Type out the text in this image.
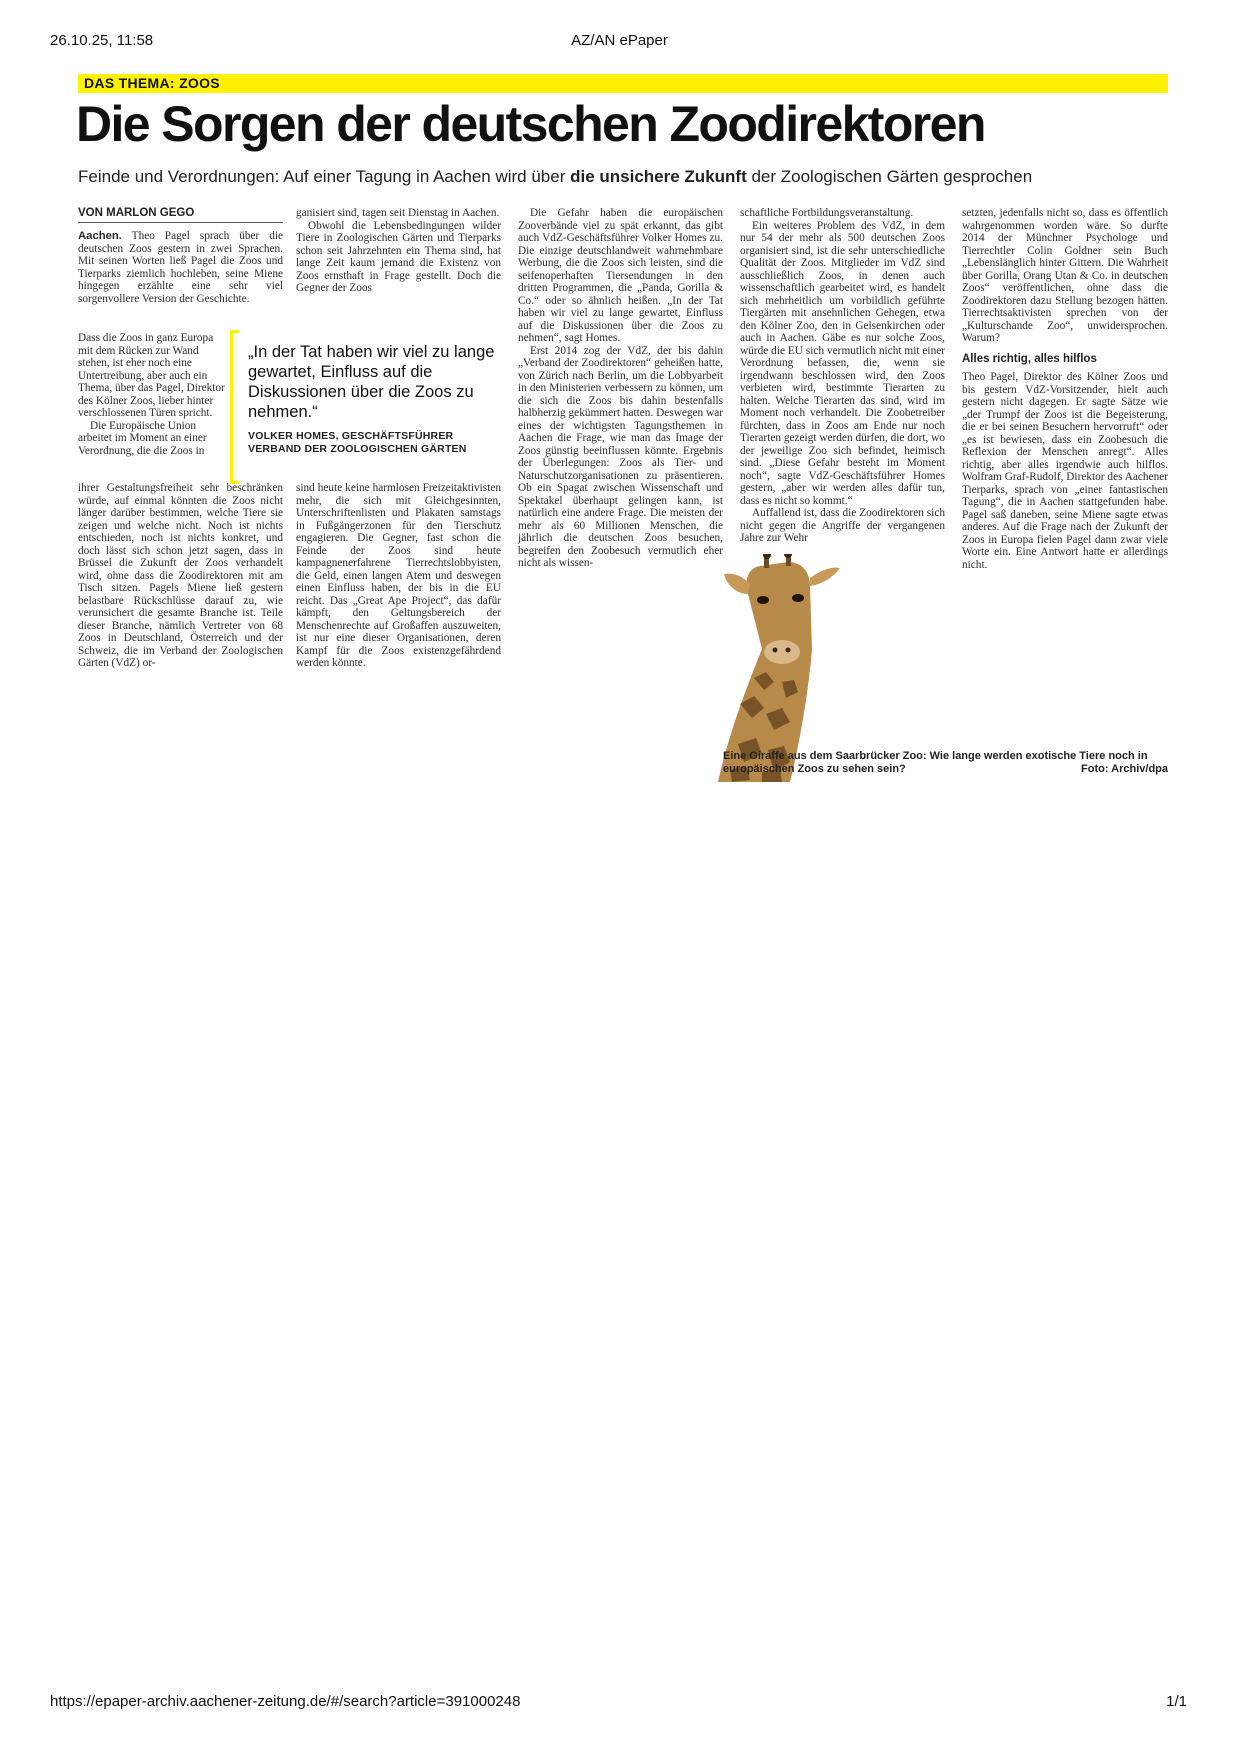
26.10.25, 11:58	AZ/AN ePaper
DAS THEMA: ZOOS
Die Sorgen der deutschen Zoodirektoren
Feinde und Verordnungen: Auf einer Tagung in Aachen wird über die unsichere Zukunft der Zoologischen Gärten gesprochen
VON MARLON GEGO

Aachen. Theo Pagel sprach über die deutschen Zoos gestern in zwei Sprachen. Mit seinen Worten ließ Pagel die Zoos und Tierparks ziemlich hochleben, seine Miene hingegen erzählte eine sehr viel sorgenvollere Version der Geschichte.

Dass die Zoos in ganz Europa mit dem Rücken zur Wand stehen, ist eher noch eine Untertreibung, aber auch ein Thema, über das Pagel, Direktor des Kölner Zoos, lieber hinter verschlossenen Türen spricht.

Die Europäische Union arbeitet im Moment an einer Verordnung, die die Zoos in

ihrer Gestaltungsfreiheit sehr beschränken würde, auf einmal könnten die Zoos nicht länger darüber bestimmen, welche Tiere sie zeigen und welche nicht. Noch ist nichts entschieden, noch ist nichts konkret, und doch lässt sich schon jetzt sagen, dass in Brüssel die Zukunft der Zoos verhandelt wird, ohne dass die Zoodirektoren mit am Tisch sitzen. Pagels Miene ließ gestern belastbare Rückschlüsse darauf zu, wie verunsichert die gesamte Branche ist. Teile dieser Branche, nämlich Vertreter von 68 Zoos in Deutschland, Österreich und der Schweiz, die im Verband der Zoologischen Gärten (VdZ) or-

ganisiert sind, tagen seit Dienstag in Aachen.

Obwohl die Lebensbedingungen wilder Tiere in Zoologischen Gärten und Tierparks schon seit Jahrzehnten ein Thema sind, hat lange Zeit kaum jemand die Existenz von Zoos ernsthaft in Frage gestellt. Doch die Gegner der Zoos

„In der Tat haben wir viel zu lange gewartet, Einfluss auf die Diskussionen über die Zoos zu nehmen.“

VOLKER HOMES, GESCHÄFTSFÜHRER VERBAND DER ZOOLOGISCHEN GÄRTEN

sind heute keine harmlosen Freizeitaktivisten mehr, die sich mit Gleichgesinnten, Unterschriftenlisten und Plakaten samstags in Fußgängerzonen für den Tierschutz engagieren. Die Gegner, fast schon die Feinde der Zoos sind heute kampagnenerfahrene Tierrechtslobbyisten, die Geld, einen langen Atem und deswegen einen Einfluss haben, der bis in die EU reicht. Das „Great Ape Project“, das dafür kämpft, den Geltungsbereich der Menschenrechte auf Großaffen auszuweiten, ist nur eine dieser Organisationen, deren Kampf für die Zoos existenzgefährdend werden könnte.

Die Gefahr haben die europäischen Zooverbände viel zu spät erkannt, das gibt auch VdZ-Geschäftsführer Volker Homes zu. Die einzige deutschlandweit wahrnehmbare Werbung, die die Zoos sich leisten, sind die seifenoperhaften Tiersendungen in den dritten Programmen, die „Panda, Gorilla & Co.“ oder so ähnlich heißen. „In der Tat haben wir viel zu lange gewartet, Einfluss auf die Diskussionen über die Zoos zu nehmen“, sagt Homes.

Erst 2014 zog der VdZ, der bis dahin „Verband der Zoodirektoren“ geheißen hatte, von Zürich nach Berlin, um die Lobbyarbeit in den Ministerien verbessern zu können, um die sich die Zoos bis dahin bestenfalls halbherzig gekümmert hatten. Deswegen war eines der wichtigsten Tagungsthemen in Aachen die Frage, wie man das Image der Zoos günstig beeinflussen könnte. Ergebnis der Überlegungen: Zoos als Tier- und Naturschutzorganisationen zu präsentieren. Ob ein Spagat zwischen Wissenschaft und Spektakel überhaupt gelingen kann, ist natürlich eine andere Frage. Die meisten der mehr als 60 Millionen Menschen, die jährlich die deutschen Zoos besuchen, begreifen den Zoobesuch vermutlich eher nicht als wissen-

schaftliche Fortbildungsveranstaltung.

Ein weiteres Problem des VdZ, in dem nur 54 der mehr als 500 deutschen Zoos organisiert sind, ist die sehr unterschiedliche Qualität der Zoos. Mitglieder im VdZ sind ausschließlich Zoos, in denen auch wissenschaftlich gearbeitet wird, es handelt sich mehrheitlich um vorbildlich geführte Tiergärten mit ansehnlichen Gehegen, etwa den Kölner Zoo, den in Gelsenkirchen oder auch in Aachen. Gäbe es nur solche Zoos, würde die EU sich vermutlich nicht mit einer Verordnung befassen, die, wenn sie irgendwann beschlossen wird, den Zoos verbieten wird, bestimmte Tierarten zu halten. Welche Tierarten das sind, wird im Moment noch verhandelt. Die Zoobetreiber fürchten, dass in Zoos am Ende nur noch Tierarten gezeigt werden dürfen, die dort, wo der jeweilige Zoo sich befindet, heimisch sind. „Diese Gefahr besteht im Moment noch“, sagte VdZ-Geschäftsführer Homes gestern, „aber wir werden alles dafür tun, dass es nicht so kommt.“

Auffallend ist, dass die Zoodirektoren sich nicht gegen die Angriffe der vergangenen Jahre zur Wehr

setzten, jedenfalls nicht so, dass es öffentlich wahrgenommen worden wäre. So durfte 2014 der Münchner Psychologe und Tierrechtler Colin Goldner sein Buch „Lebenslänglich hinter Gittern. Die Wahrheit über Gorilla, Orang Utan & Co. in deutschen Zoos“ veröffentlichen, ohne dass die Zoodirektoren dazu Stellung bezogen hätten. Tierrechtsaktivisten sprechen von der „Kulturschande Zoo“, unwidersprochen. Warum?

Alles richtig, alles hilflos

Theo Pagel, Direktor des Kölner Zoos und bis gestern VdZ-Vorsitzender, hielt auch gestern nicht dagegen. Er sagte Sätze wie „der Trumpf der Zoos ist die Begeisterung, die er bei seinen Besuchern hervorruft“ oder „es ist bewiesen, dass ein Zoobesuch die Reflexion der Menschen anregt“. Alles richtig, aber alles irgendwie auch hilflos. Wolfram Graf-Rudolf, Direktor des Aachener Tierparks, sprach von „einer fantastischen Tagung“, die in Aachen stattgefunden habe. Pagel saß daneben, seine Miene sagte etwas anderes. Auf die Frage nach der Zukunft der Zoos in Europa fielen Pagel dann zwar viele Worte ein. Eine Antwort hatte er allerdings nicht.

Eine Giraffe aus dem Saarbrücker Zoo: Wie lange werden exotische Tiere noch in europäischen Zoos zu sehen sein?	Foto: Archiv/dpa
https://epaper-archiv.aachener-zeitung.de/#/search?article=391000248	1/1
